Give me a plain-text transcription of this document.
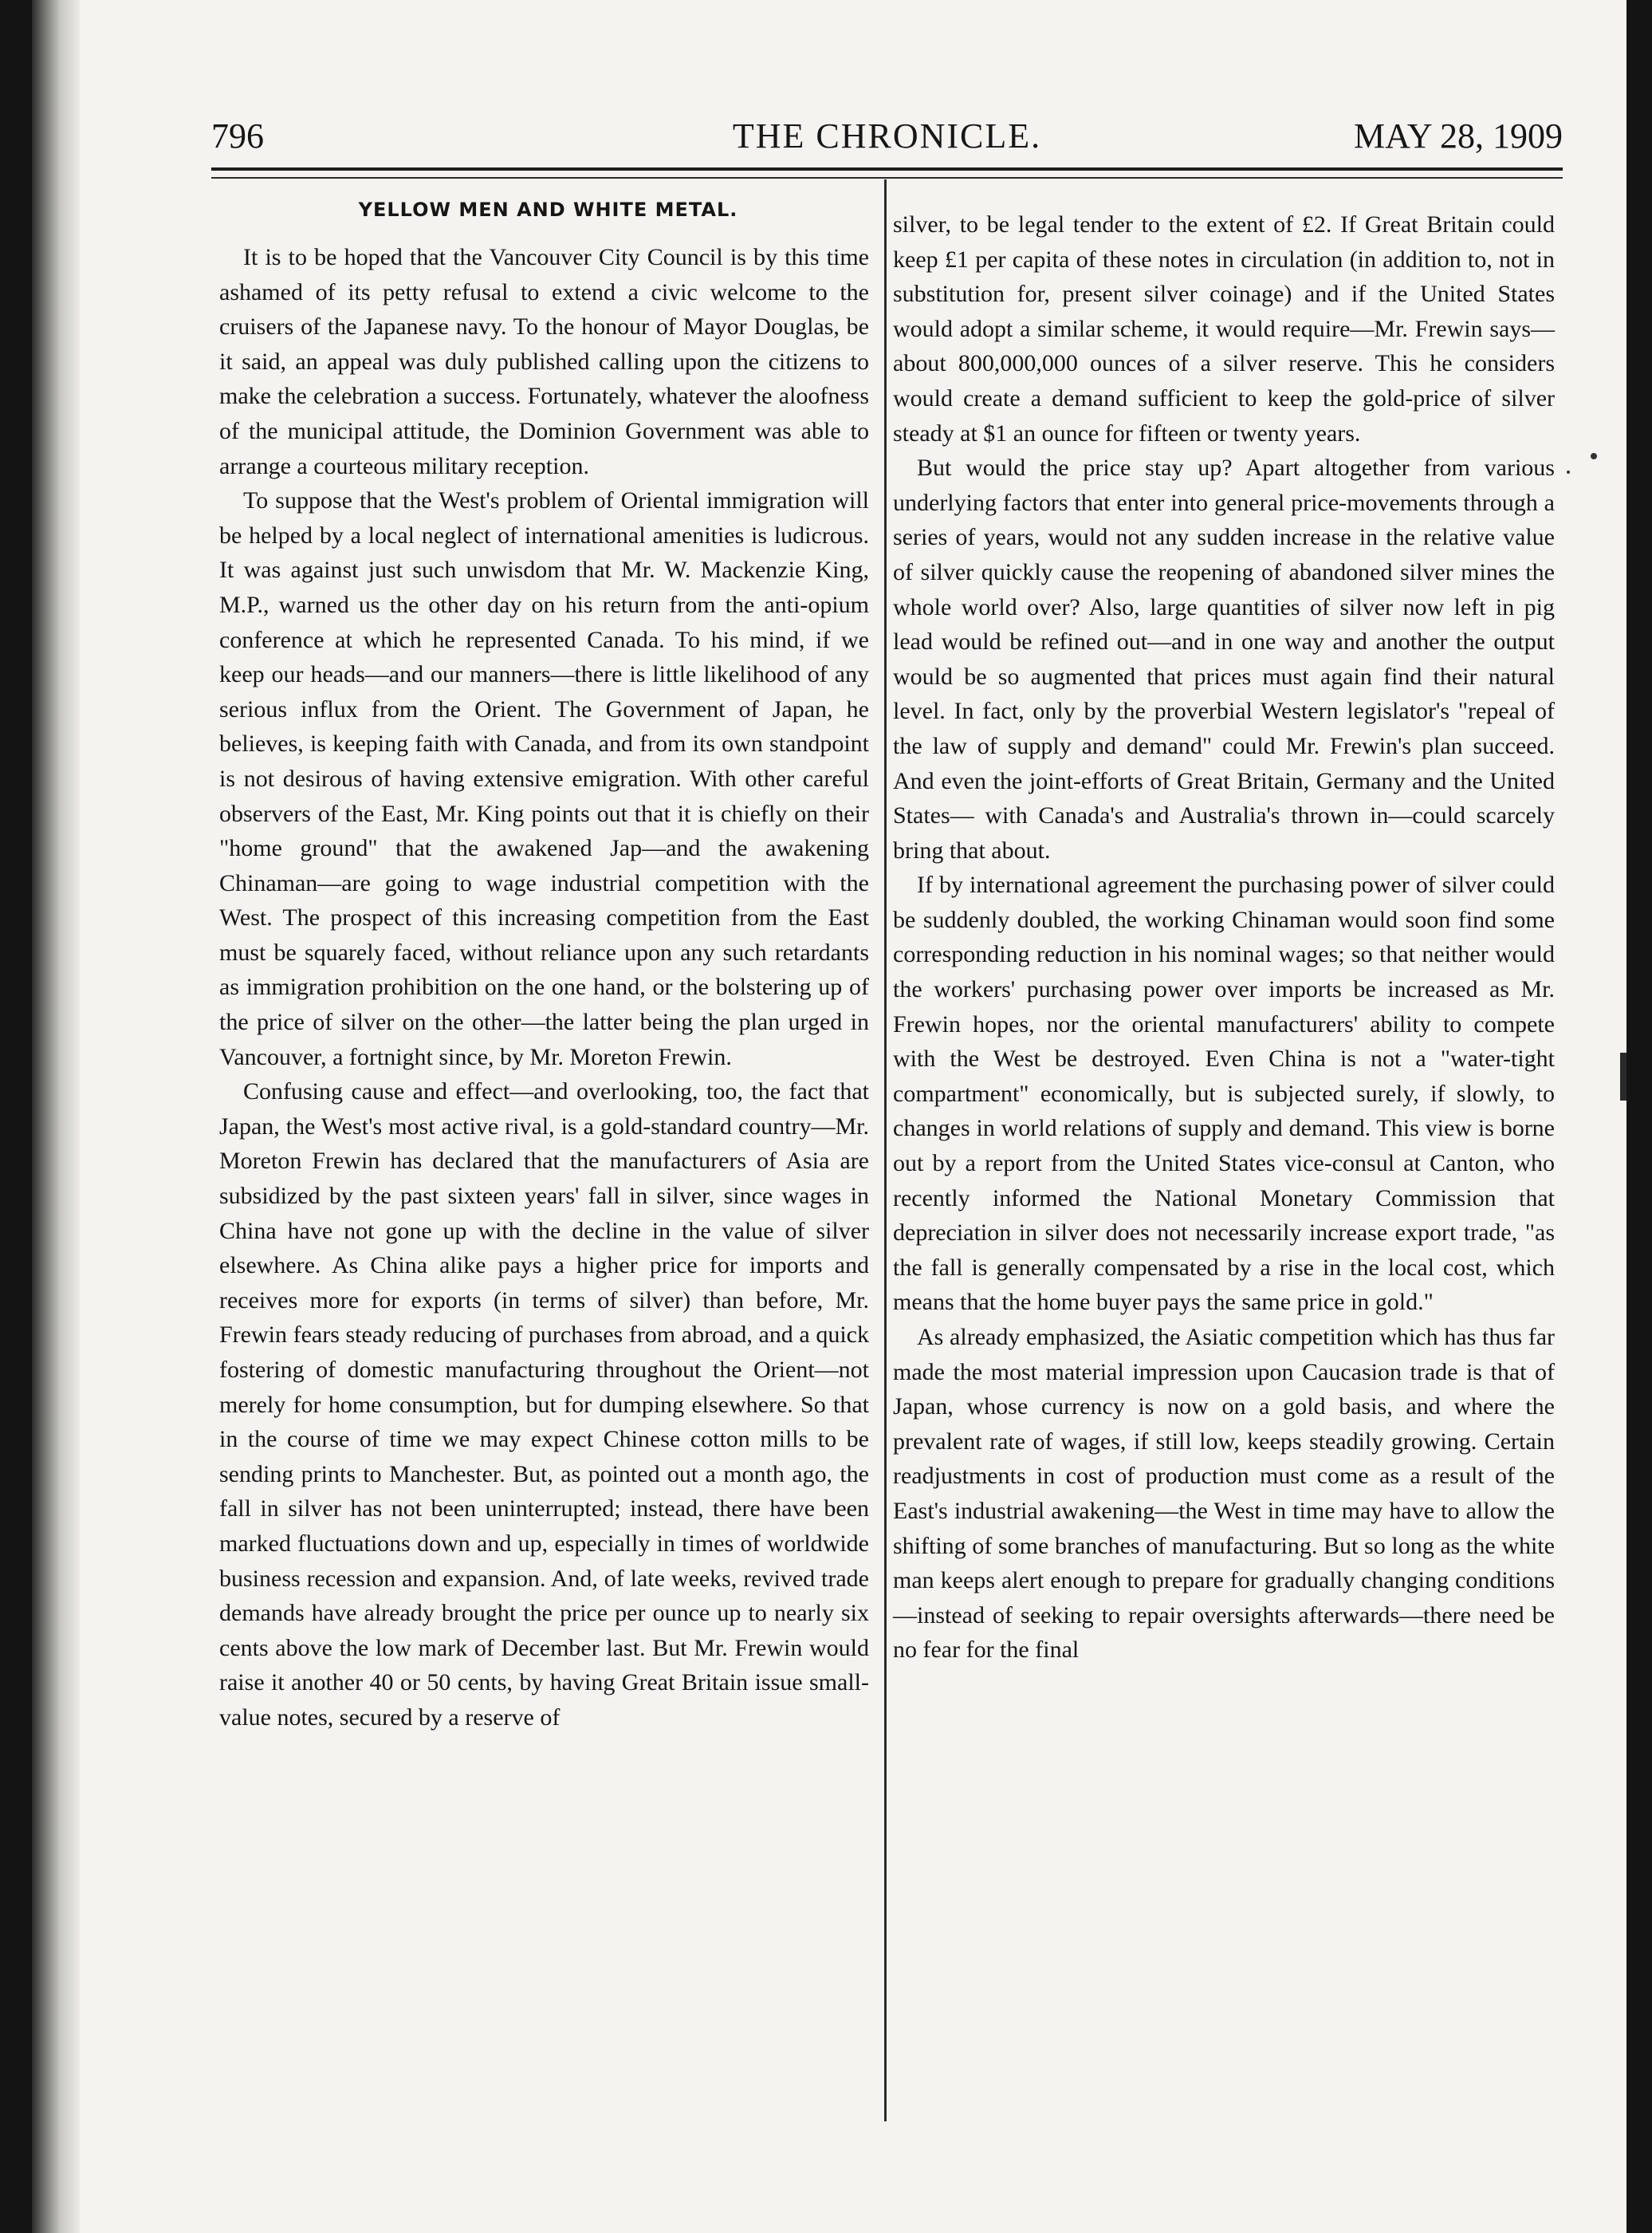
796	THE CHRONICLE.	MAY 28, 1909
YELLOW MEN AND WHITE METAL.

It is to be hoped that the Vancouver City Council is by this time ashamed of its petty refusal to extend a civic welcome to the cruisers of the Japanese navy. To the honour of Mayor Douglas, be it said, an appeal was duly published calling upon the citizens to make the celebration a success. Fortunately, whatever the aloofness of the municipal attitude, the Dominion Government was able to arrange a courteous military reception.

To suppose that the West's problem of Oriental immigration will be helped by a local neglect of international amenities is ludicrous. It was against just such unwisdom that Mr. W. Mackenzie King, M.P., warned us the other day on his return from the anti-opium conference at which he represented Canada. To his mind, if we keep our heads—and our manners—there is little likelihood of any serious influx from the Orient. The Government of Japan, he believes, is keeping faith with Canada, and from its own standpoint is not desirous of having extensive emigration. With other careful observers of the East, Mr. King points out that it is chiefly on their "home ground" that the awakened Jap—and the awakening Chinaman—are going to wage industrial competition with the West. The prospect of this increasing competition from the East must be squarely faced, without reliance upon any such retardants as immigration prohibition on the one hand, or the bolstering up of the price of silver on the other—the latter being the plan urged in Vancouver, a fortnight since, by Mr. Moreton Frewin.

Confusing cause and effect—and overlooking, too, the fact that Japan, the West's most active rival, is a gold-standard country—Mr. Moreton Frewin has declared that the manufacturers of Asia are subsidized by the past sixteen years' fall in silver, since wages in China have not gone up with the decline in the value of silver elsewhere. As China alike pays a higher price for imports and receives more for exports (in terms of silver) than before, Mr. Frewin fears steady reducing of purchases from abroad, and a quick fostering of domestic manufacturing throughout the Orient—not merely for home consumption, but for dumping elsewhere. So that in the course of time we may expect Chinese cotton mills to be sending prints to Manchester. But, as pointed out a month ago, the fall in silver has not been uninterrupted; instead, there have been marked fluctuations down and up, especially in times of worldwide business recession and expansion. And, of late weeks, revived trade demands have already brought the price per ounce up to nearly six cents above the low mark of December last. But Mr. Frewin would raise it another 40 or 50 cents, by having Great Britain issue small-value notes, secured by a reserve of

silver, to be legal tender to the extent of £2. If Great Britain could keep £1 per capita of these notes in circulation (in addition to, not in substitution for, present silver coinage) and if the United States would adopt a similar scheme, it would require—Mr. Frewin says—about 800,000,000 ounces of a silver reserve. This he considers would create a demand sufficient to keep the gold-price of silver steady at $1 an ounce for fifteen or twenty years.

But would the price stay up? Apart altogether from various underlying factors that enter into general price-movements through a series of years, would not any sudden increase in the relative value of silver quickly cause the reopening of abandoned silver mines the whole world over? Also, large quantities of silver now left in pig lead would be refined out—and in one way and another the output would be so augmented that prices must again find their natural level. In fact, only by the proverbial Western legislator's "repeal of the law of supply and demand" could Mr. Frewin's plan succeed. And even the joint-efforts of Great Britain, Germany and the United States— with Canada's and Australia's thrown in—could scarcely bring that about.

If by international agreement the purchasing power of silver could be suddenly doubled, the working Chinaman would soon find some corresponding reduction in his nominal wages; so that neither would the workers' purchasing power over imports be increased as Mr. Frewin hopes, nor the oriental manufacturers' ability to compete with the West be destroyed. Even China is not a "water-tight compartment" economically, but is subjected surely, if slowly, to changes in world relations of supply and demand. This view is borne out by a report from the United States vice-consul at Canton, who recently informed the National Monetary Commission that depreciation in silver does not necessarily increase export trade, "as the fall is generally compensated by a rise in the local cost, which means that the home buyer pays the same price in gold."

As already emphasized, the Asiatic competition which has thus far made the most material impression upon Caucasion trade is that of Japan, whose currency is now on a gold basis, and where the prevalent rate of wages, if still low, keeps steadily growing. Certain readjustments in cost of production must come as a result of the East's industrial awakening—the West in time may have to allow the shifting of some branches of manufacturing. But so long as the white man keeps alert enough to prepare for gradually changing conditions—instead of seeking to repair oversights afterwards—there need be no fear for the final
